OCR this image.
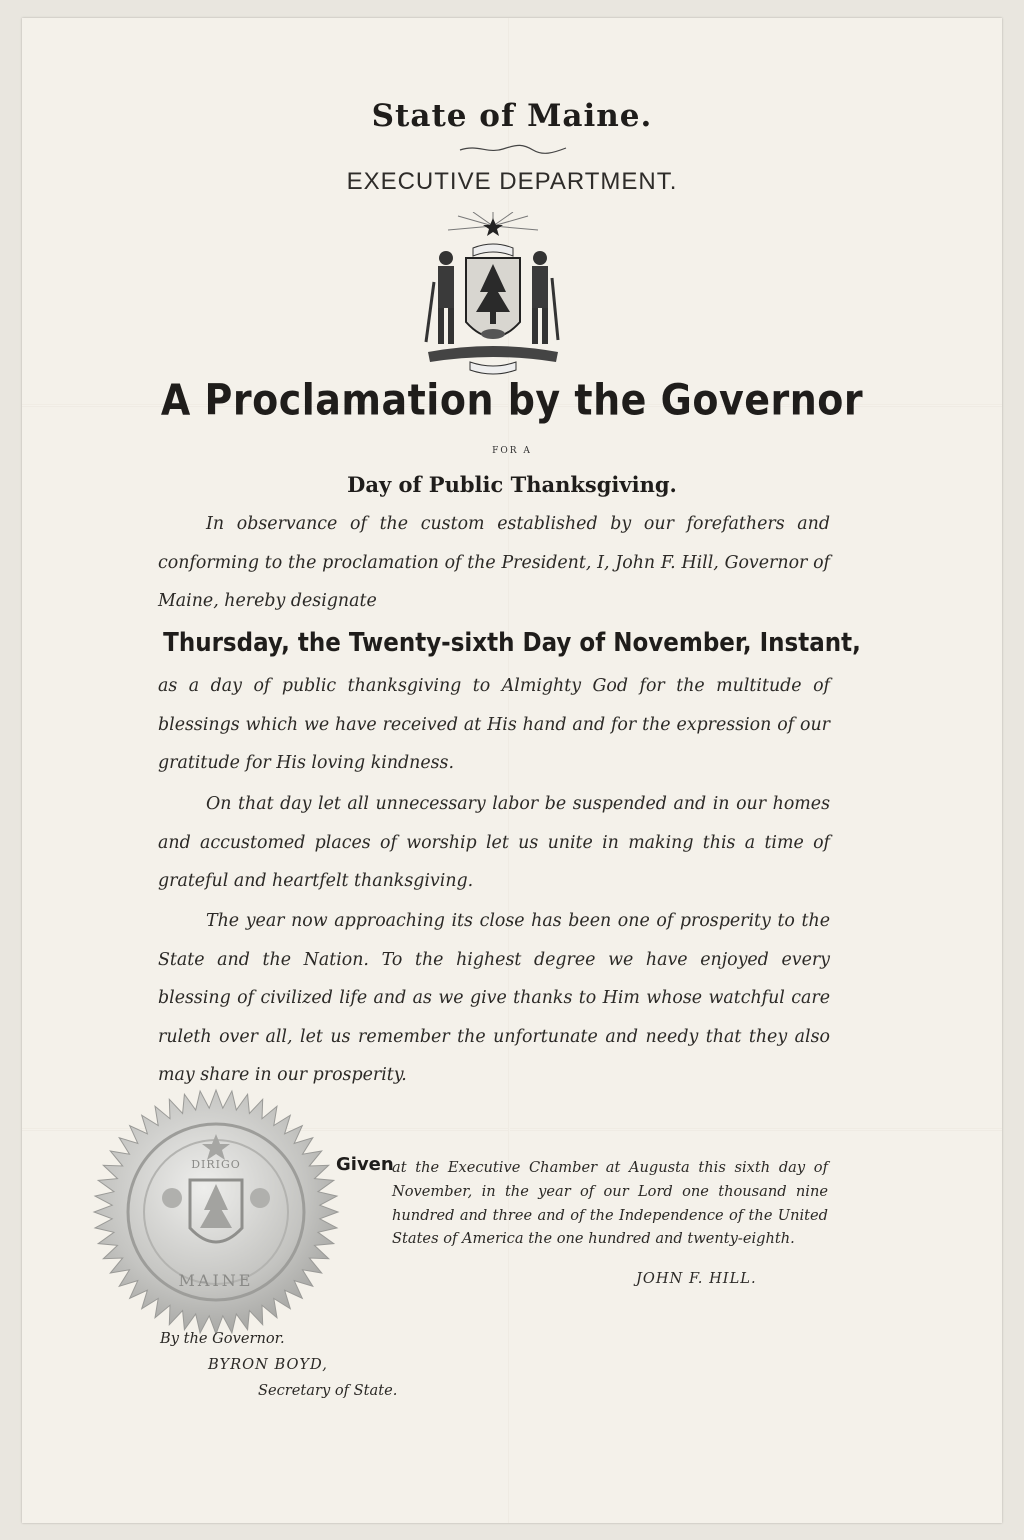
State of Maine.
EXECUTIVE DEPARTMENT.
A Proclamation by the Governor
FOR A
Day of Public Thanksgiving.
In observance of the custom established by our forefathers and conforming to the proclamation of the President, I, John F. Hill, Governor of Maine, hereby designate
Thursday, the Twenty-sixth Day of November, Instant,
as a day of public thanksgiving to Almighty God for the multitude of blessings which we have received at His hand and for the expression of our gratitude for His loving kindness.
On that day let all unnecessary labor be suspended and in our homes and accustomed places of worship let us unite in making this a time of grateful and heartfelt thanksgiving.
The year now approaching its close has been one of prosperity to the State and the Nation. To the highest degree we have enjoyed every blessing of civilized life and as we give thanks to Him whose watchful care ruleth over all, let us remember the unfortunate and needy that they also may share in our prosperity.
DIRIGO
MAINE
Given
at the Executive Chamber at Augusta this sixth day of November, in the year of our Lord one thousand nine hundred and three and of the Independence of the United States of America the one hundred and twenty-eighth.
JOHN F. HILL.
By the Governor.
BYRON BOYD,
Secretary of State.
